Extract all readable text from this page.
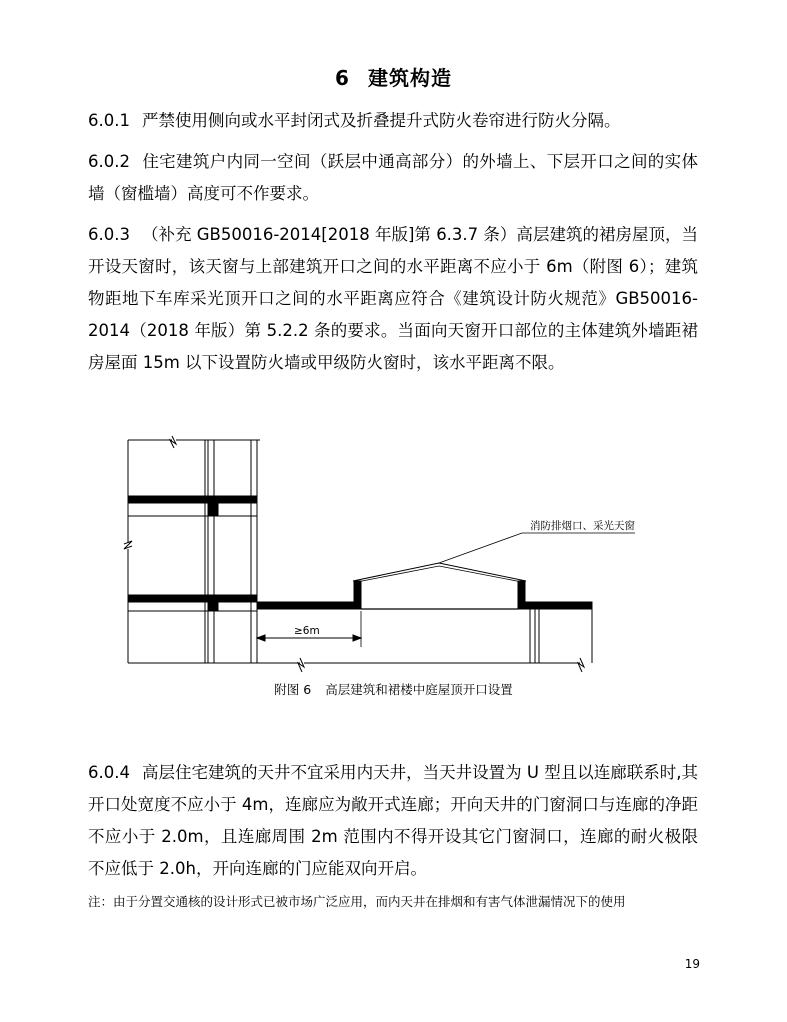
6 建筑构造
6.0.1 严禁使用侧向或水平封闭式及折叠提升式防火卷帘进行防火分隔。
6.0.2 住宅建筑户内同一空间（跃层中通高部分）的外墙上、下层开口之间的实体墙（窗槛墙）高度可不作要求。
6.0.3 （补充 GB50016-2014[2018 年版]第 6.3.7 条）高层建筑的裙房屋顶，当开设天窗时，该天窗与上部建筑开口之间的水平距离不应小于 6m（附图 6）；建筑物距地下车库采光顶开口之间的水平距离应符合《建筑设计防火规范》GB50016-2014（2018 年版）第 5.2.2 条的要求。当面向天窗开口部位的主体建筑外墙距裙房屋面 15m 以下设置防火墙或甲级防火窗时，该水平距离不限。
消防排烟口、采光天窗
≥6m
附图 6 高层建筑和裙楼中庭屋顶开口设置
6.0.4 高层住宅建筑的天井不宜采用内天井，当天井设置为 U 型且以连廊联系时,其开口处宽度不应小于 4m，连廊应为敞开式连廊；开向天井的门窗洞口与连廊的净距不应小于 2.0m，且连廊周围 2m 范围内不得开设其它门窗洞口，连廊的耐火极限不应低于 2.0h，开向连廊的门应能双向开启。
注：由于分置交通核的设计形式已被市场广泛应用，而内天井在排烟和有害气体泄漏情况下的使用
19
